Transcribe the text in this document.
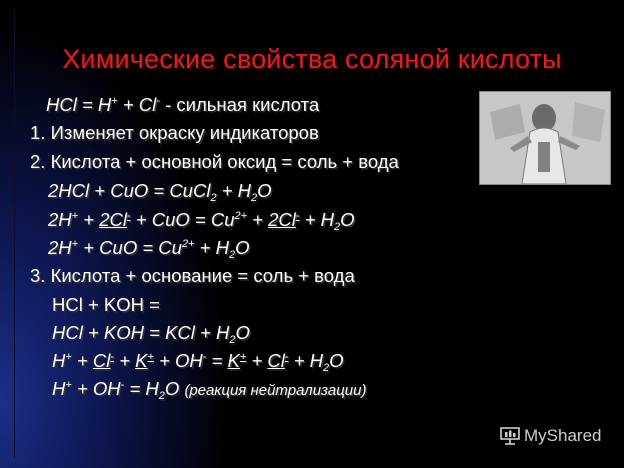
Химические свойства соляной кислоты
HCl = H+ + Cl- - сильная кислота
1. Изменяет окраску индикаторов
2. Кислота + основной оксид = соль + вода
2HCl + CuO = CuCl$_2$ + $H_2O$
2H+ + 2Cl- + CuO = $Cu^{2+} + 2Cl^- + H_2O$
2H+ + CuO = $Cu^{2+} + H_2O$
3. Кислота + основание = соль + вода
HCl + KOH =
HCl + KOH = KCl + $H_2O$
$H^+ + Cl^- + K^+ + OH^- = K^+ + Cl^- + H_2O$
$H^+ + OH^- = H_2O$ (реакция нейтрализации)
MyShared
